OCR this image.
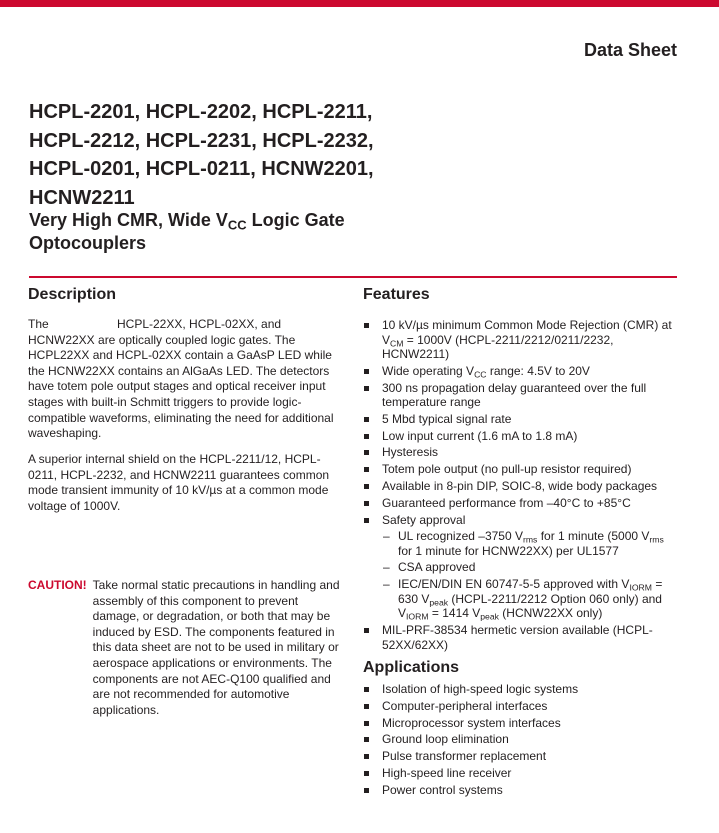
Data Sheet
HCPL-2201, HCPL-2202, HCPL-2211,
HCPL-2212, HCPL-2231, HCPL-2232,
HCPL-0201, HCPL-0211, HCNW2201,
HCNW2211
Very High CMR, Wide $V_{CC}$ Logic Gate
Optocouplers
Description
The	HCPL-22XX, HCPL-02XX, and
HCNW22XX are optically coupled logic gates. The HCPL22XX and HCPL-02XX contain a GaAsP LED while the HCNW22XX contains an AlGaAs LED. The detectors have totem pole output stages and optical receiver input stages with built-in Schmitt triggers to provide logic-compatible waveforms, eliminating the need for additional waveshaping.
A superior internal shield on the HCPL-2211/12, HCPL-0211, HCPL-2232, and HCNW2211 guarantees common mode transient immunity of 10 kV/µs at a common mode voltage of 1000V.
CAUTION! Take normal static precautions in handling and assembly of this component to prevent damage, or degradation, or both that may be induced by ESD. The components featured in this data sheet are not to be used in military or aerospace applications or environments. The components are not AEC-Q100 qualified and are not recommended for automotive applications.
Features
10 kV/µs minimum Common Mode Rejection (CMR) at $V_{CM} = 1000V$ (HCPL-2211/2212/0211/2232, HCNW2211)
Wide operating $V_{CC}$ range: 4.5V to 20V
300 ns propagation delay guaranteed over the full temperature range
5 Mbd typical signal rate
Low input current (1.6 mA to 1.8 mA)
Hysteresis
Totem pole output (no pull-up resistor required)
Available in 8-pin DIP, SOIC-8, wide body packages
Guaranteed performance from –40°C to +85°C
Safety approval
– UL recognized –3750 $V_{rms}$ for 1 minute (5000 $V_{rms}$ for 1 minute for HCNW22XX) per UL1577
– CSA approved
– IEC/EN/DIN EN 60747-5-5 approved with $V_{IORM} = 630$ $V_{peak}$ (HCPL-2211/2212 Option 060 only) and $V_{IORM} = 1414$ $V_{peak}$ (HCNW22XX only)
MIL-PRF-38534 hermetic version available (HCPL-52XX/62XX)
Applications
Isolation of high-speed logic systems
Computer-peripheral interfaces
Microprocessor system interfaces
Ground loop elimination
Pulse transformer replacement
High-speed line receiver
Power control systems
